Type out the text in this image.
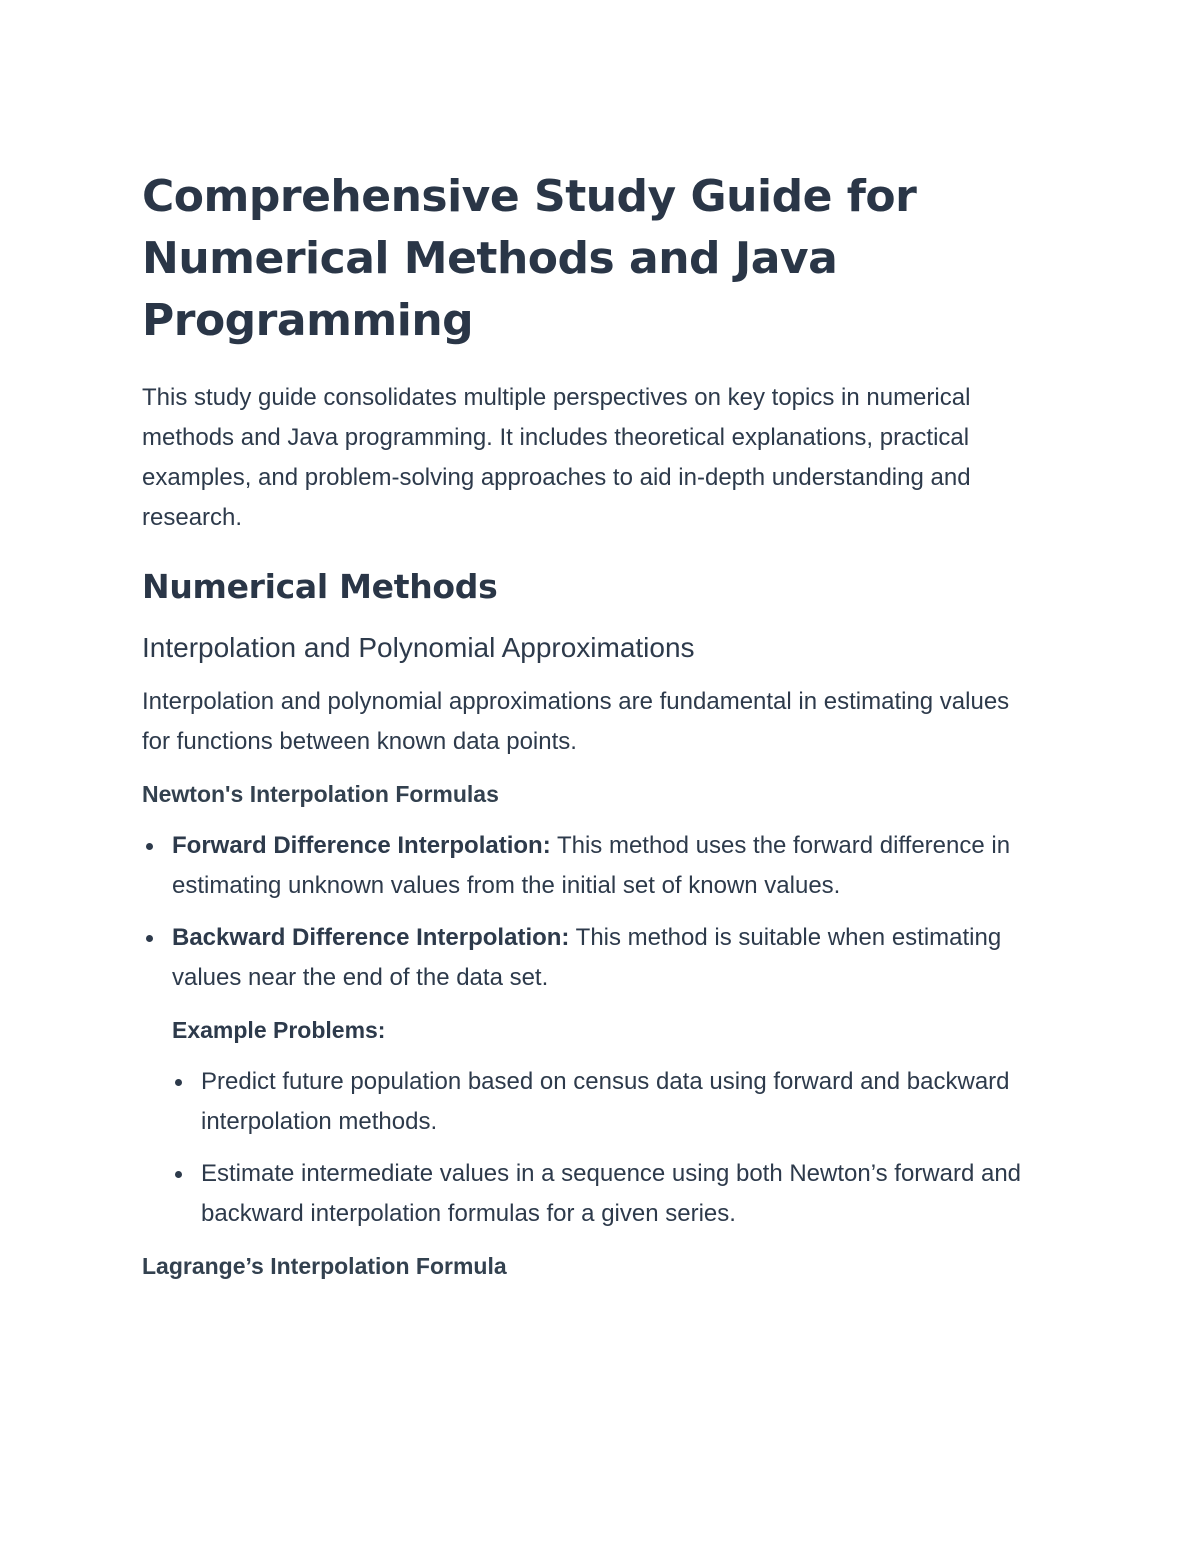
Comprehensive Study Guide for Numerical Methods and Java Programming

This study guide consolidates multiple perspectives on key topics in numerical methods and Java programming. It includes theoretical explanations, practical examples, and problem-solving approaches to aid in-depth understanding and research.

Numerical Methods
Interpolation and Polynomial Approximations

Interpolation and polynomial approximations are fundamental in estimating values for functions between known data points.

Newton's Interpolation Formulas
Forward Difference Interpolation: This method uses the forward difference in estimating unknown values from the initial set of known values.
Backward Difference Interpolation: This method is suitable when estimating values near the end of the data set.
Example Problems:
Predict future population based on census data using forward and backward interpolation methods.
Estimate intermediate values in a sequence using both Newton’s forward and backward interpolation formulas for a given series.
Lagrange’s Interpolation Formula
